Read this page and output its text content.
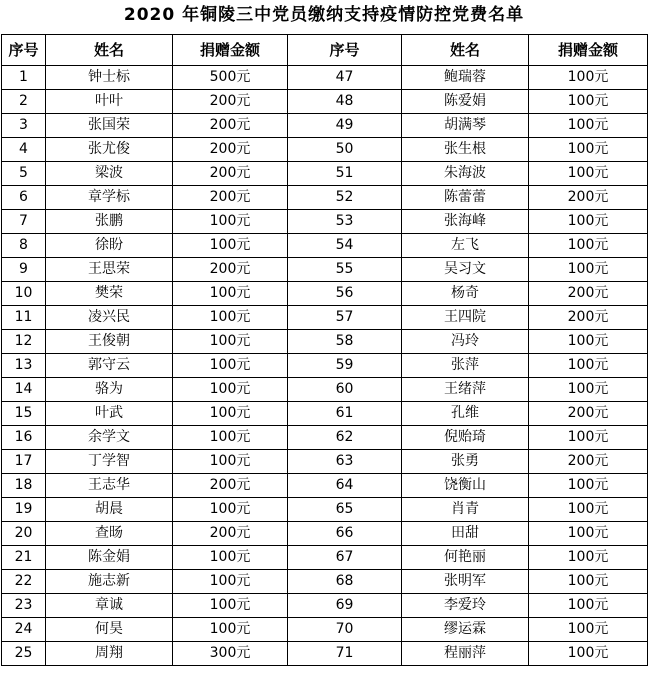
2020 年铜陵三中党员缴纳支持疫情防控党费名单
序号	姓名	捐赠金额	序号	姓名	捐赠金额
1	钟士标	500元	47	鲍瑞蓉	100元
2	叶叶	200元	48	陈爱娟	100元
3	张国荣	200元	49	胡满琴	100元
4	张尤俊	200元	50	张生根	100元
5	梁波	200元	51	朱海波	100元
6	章学标	200元	52	陈蕾蕾	200元
7	张鹏	100元	53	张海峰	100元
8	徐盼	100元	54	左飞	100元
9	王思荣	200元	55	吴习文	100元
10	樊荣	100元	56	杨奇	200元
11	凌兴民	100元	57	王四院	200元
12	王俊朝	100元	58	冯玲	100元
13	郭守云	100元	59	张萍	100元
14	骆为	100元	60	王绪萍	100元
15	叶武	100元	61	孔维	200元
16	余学文	100元	62	倪贻琦	100元
17	丁学智	100元	63	张勇	200元
18	王志华	200元	64	饶衡山	100元
19	胡晨	100元	65	肖青	100元
20	查旸	200元	66	田甜	100元
21	陈金娟	100元	67	何艳丽	100元
22	施志新	100元	68	张明军	100元
23	章诚	100元	69	李爱玲	100元
24	何昊	100元	70	缪运霖	100元
25	周翔	300元	71	程丽萍	100元
